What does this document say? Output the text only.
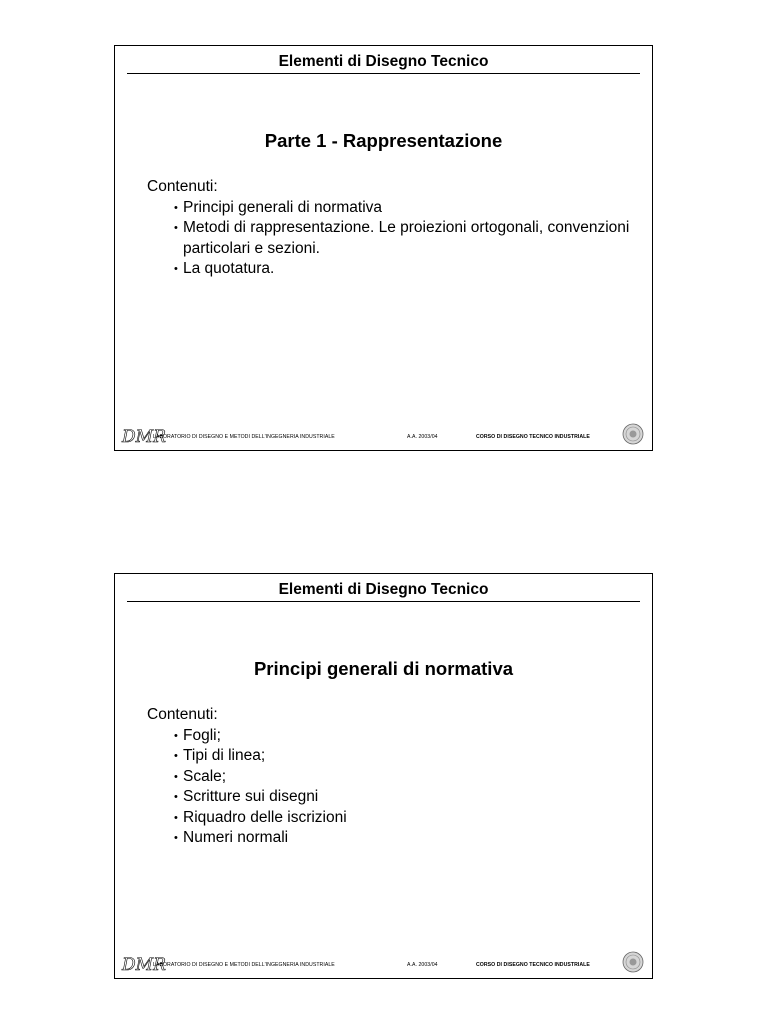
Elementi di Disegno Tecnico
Parte 1 - Rappresentazione
Contenuti:
• Principi generali di normativa
• Metodi di rappresentazione. Le proiezioni ortogonali, convenzioni particolari e sezioni.
• La quotatura.
DMR
LABORATORIO DI DISEGNO E METODI DELL'INGEGNERIA INDUSTRIALE	A.A. 2003/04	CORSO DI DISEGNO TECNICO INDUSTRIALE
Elementi di Disegno Tecnico
Principi generali di normativa
Contenuti:
• Fogli;
• Tipi di linea;
• Scale;
• Scritture sui disegni
• Riquadro delle iscrizioni
• Numeri normali
DMR
LABORATORIO DI DISEGNO E METODI DELL'INGEGNERIA INDUSTRIALE	A.A. 2003/04	CORSO DI DISEGNO TECNICO INDUSTRIALE
